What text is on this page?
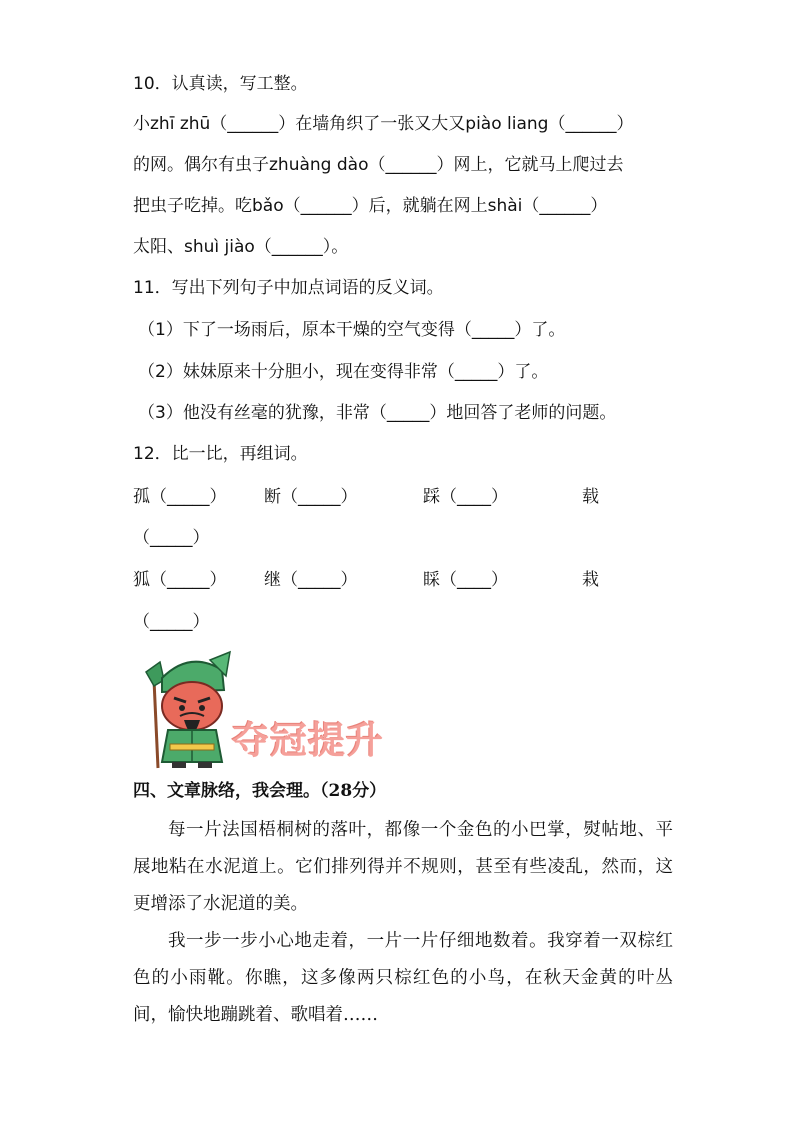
10．认真读，写工整。
小zhī zhū（______）在墙角织了一张又大又piào liang（______）
的网。偶尔有虫子zhuàng dào（______）网上，它就马上爬过去
把虫子吃掉。吃bǎo（______）后，就躺在网上shài（______）
太阳、shuì jiào（______）。
11．写出下列句子中加点词语的反义词。
（1）下了一场雨后，原本干燥的空气变得（_____）了。
（2）妹妹原来十分胆小，现在变得非常（_____）了。
（3）他没有丝毫的犹豫，非常（_____）地回答了老师的问题。
12．比一比，再组词。
孤（_____） 断（_____）	踩（____）	载
（_____）
狐（_____） 继（_____）	睬（____）	栽
（_____）
夺冠提升
四、文章脉络，我会理。（28分）
每一片法国梧桐树的落叶，都像一个金色的小巴掌，熨帖地、平展地粘在水泥道上。它们排列得并不规则，甚至有些凌乱，然而，这更增添了水泥道的美。
我一步一步小心地走着，一片一片仔细地数着。我穿着一双棕红色的小雨靴。你瞧，这多像两只棕红色的小鸟，在秋天金黄的叶丛间，愉快地蹦跳着、歌唱着……
